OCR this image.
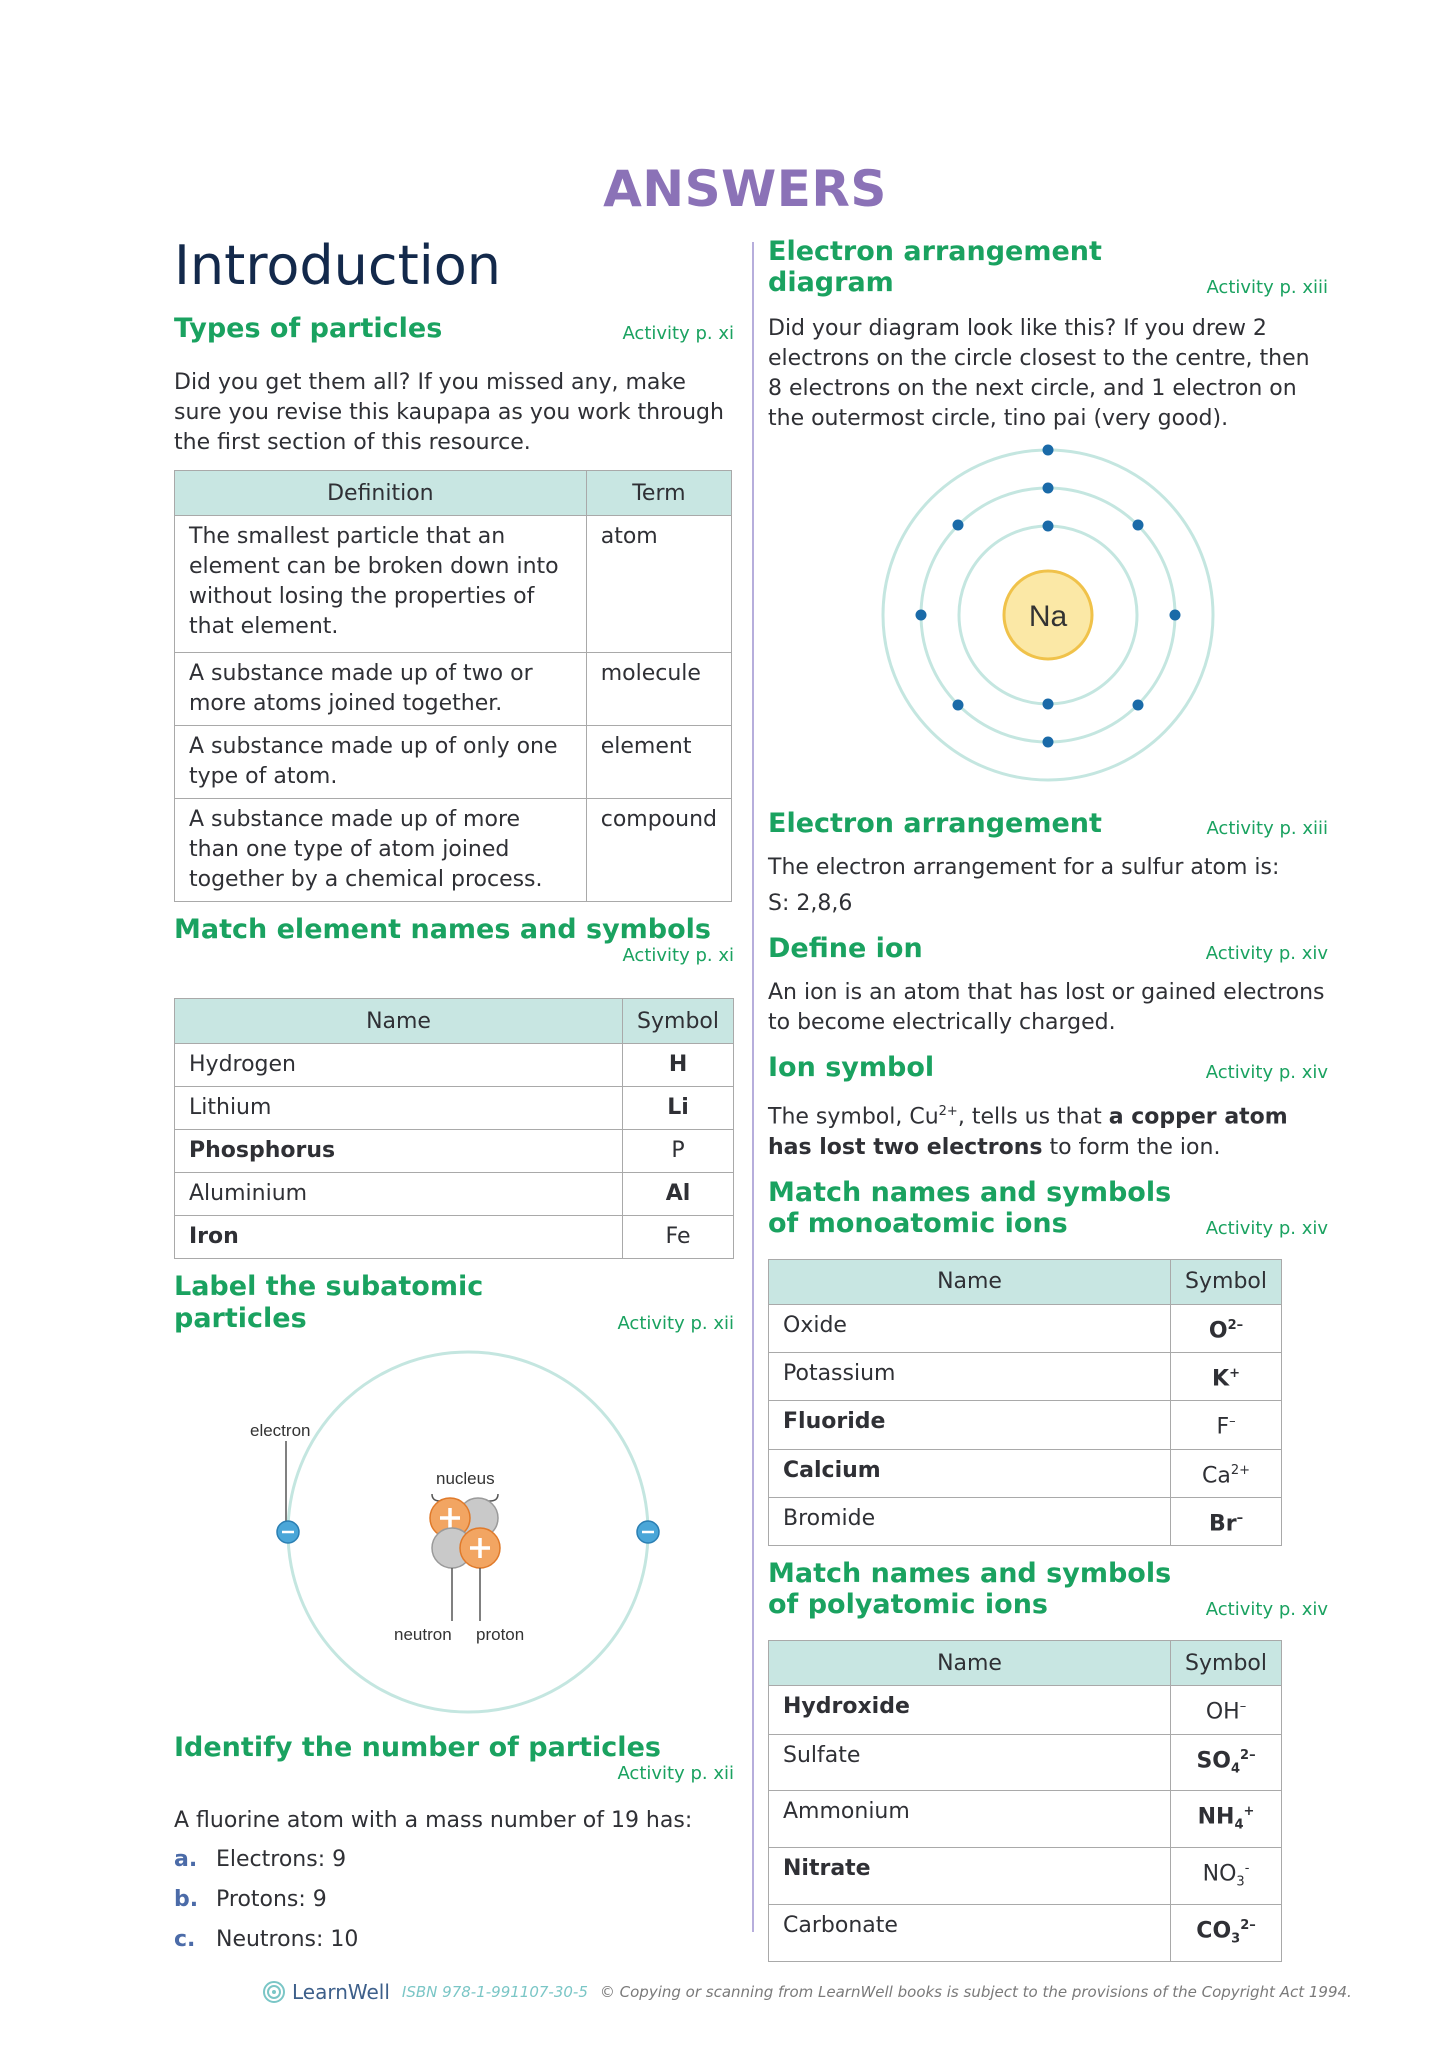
ANSWERS
Introduction
Types of particles	Activity p. xi

Did you get them all? If you missed any, make sure you revise this kaupapa as you work through the first section of this resource.

Definition	Term
The smallest particle that an element can be broken down into without losing the properties of that element.	atom
A substance made up of two or more atoms joined together.	molecule
A substance made up of only one type of atom.	element
A substance made up of more than one type of atom joined together by a chemical process.	compound
Match element names and symbols
Activity p. xi
Name	Symbol
Hydrogen	H
Lithium	Li
Phosphorus	P
Aluminium	Al
Iron	Fe
Label the subatomic particles	Activity p. xii
electron
nucleus
neutron proton
Identify the number of particles
Activity p. xii

A fluorine atom with a mass number of 19 has:

a. Electrons: 9
b. Protons: 9
c. Neutrons: 10
Electron arrangement diagram	Activity p. xiii

Did your diagram look like this? If you drew 2 electrons on the circle closest to the centre, then 8 electrons on the next circle, and 1 electron on the outermost circle, tino pai (very good).

Na
Electron arrangement	Activity p. xiii

The electron arrangement for a sulfur atom is:

S: 2,8,6

Define ion	Activity p. xiv

An ion is an atom that has lost or gained electrons to become electrically charged.

Ion symbol	Activity p. xiv

The symbol, $Cu^{2+}$, tells us that a copper atom has lost two electrons to form the ion.

Match names and symbols of monoatomic ions	Activity p. xiv
Name	Symbol
Oxide	$O^{2-}$
Potassium	K+
Fluoride	F–
Calcium	$Ca^{2+}$
Bromide	Br–
Match names and symbols of polyatomic ions	Activity p. xiv
Name	Symbol
Hydroxide	OH–
Sulfate	$SO_4^{2-}$
Ammonium	$NH_4^+$
Nitrate	$NO_3^-$
Carbonate	$CO_3^{2-}$
LearnWell ISBN 978-1-991107-30-5 © Copying or scanning from LearnWell books is subject to the provisions of the Copyright Act 1994.
